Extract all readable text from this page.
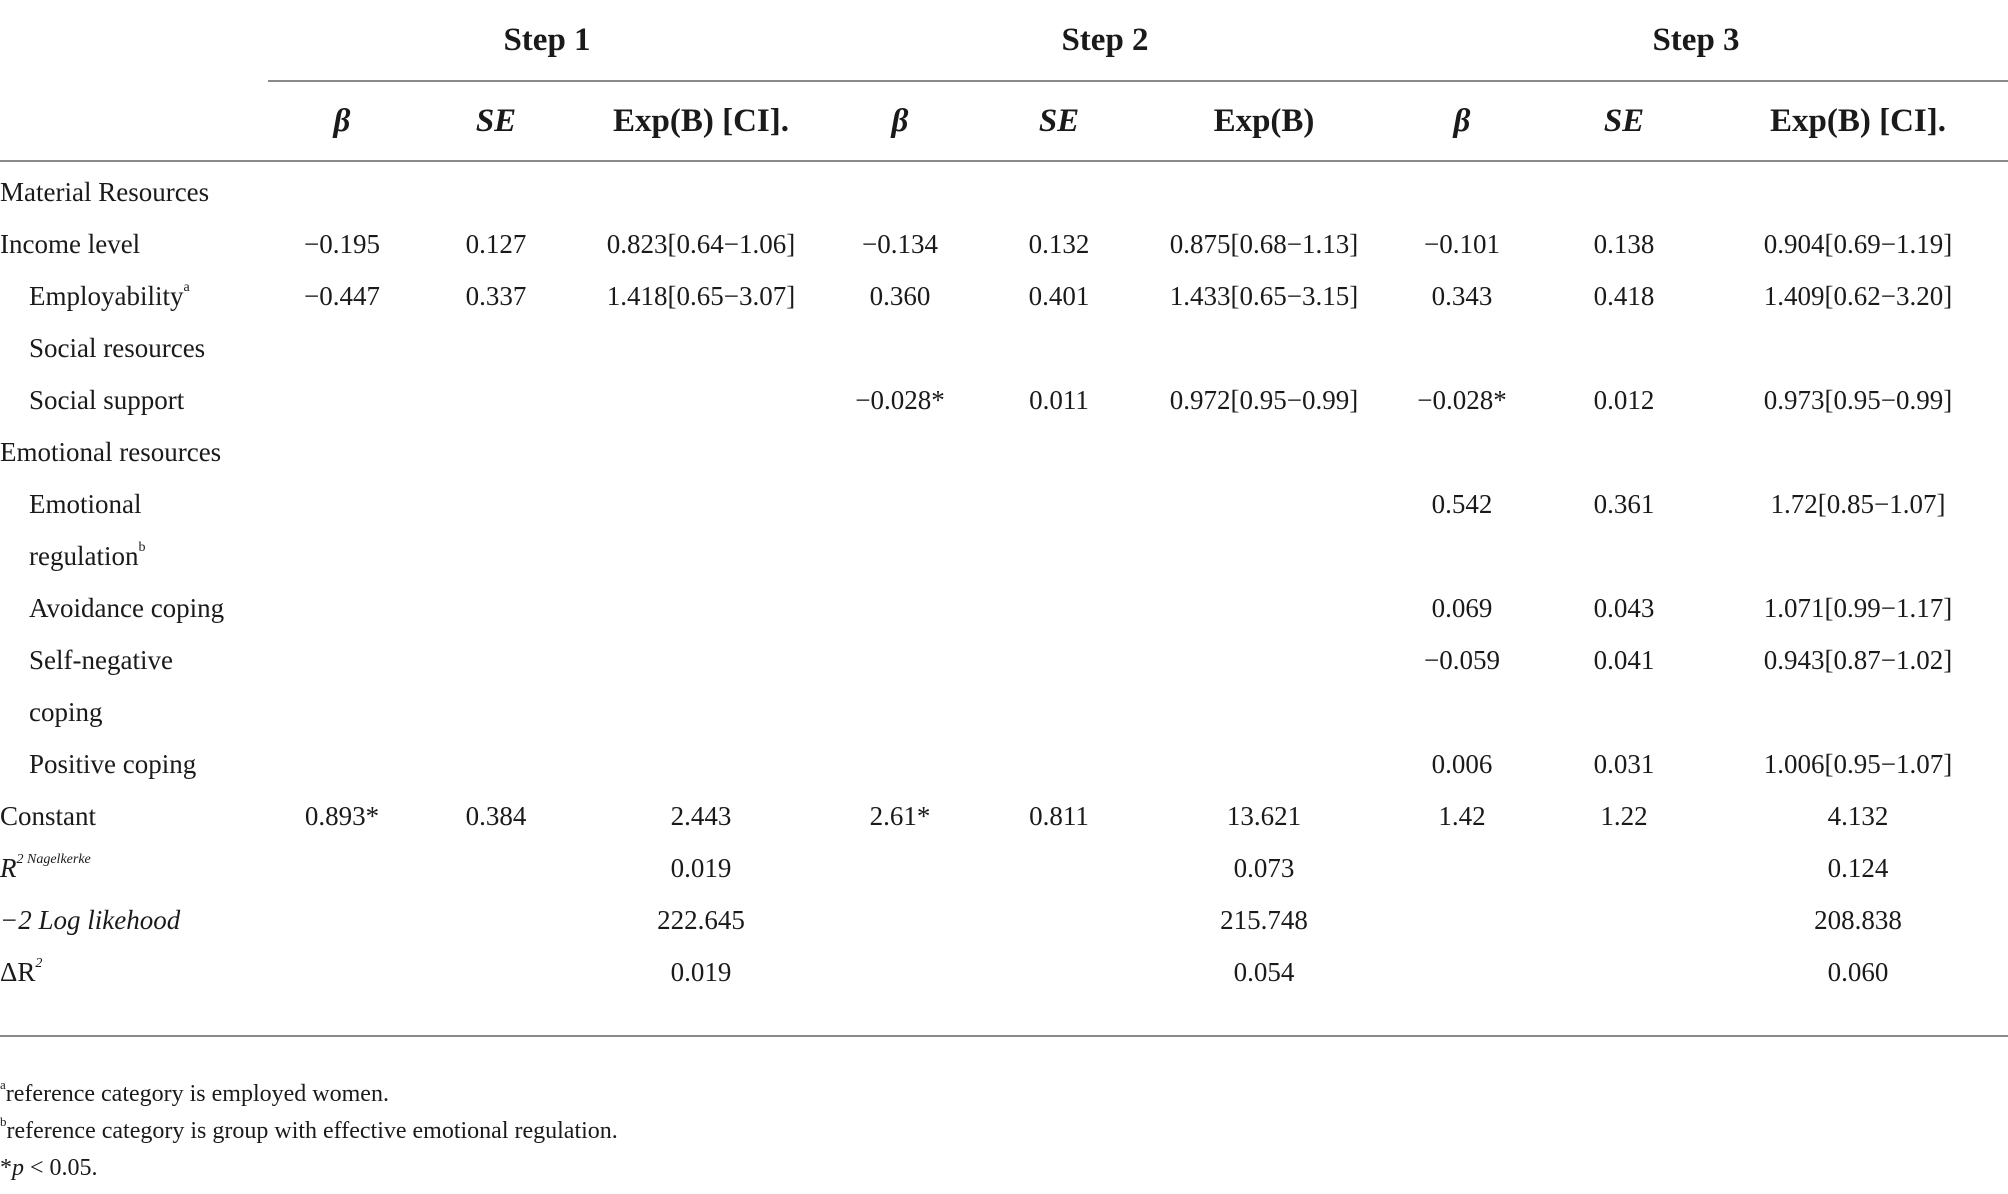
	Step 1			Step 2			Step 3		
	β	SE	Exp(B) [CI].	β	SE	Exp(B)	β	SE	Exp(B) [CI].

Material Resources									
Income level	−0.195	0.127	0.823[0.64−1.06]	−0.134	0.132	0.875[0.68−1.13]	−0.101	0.138	0.904[0.69−1.19]
Employability$^a$	−0.447	0.337	1.418[0.65−3.07]	0.360	0.401	1.433[0.65−3.15]	0.343	0.418	1.409[0.62−3.20]
Social resources									
Social support				−0.028*	0.011	0.972[0.95−0.99]	−0.028*	0.012	0.973[0.95−0.99]
Emotional resources									
Emotional							0.542	0.361	1.72[0.85−1.07]
regulation$^b$									
Avoidance coping							0.069	0.043	1.071[0.99−1.17]
Self-negative							−0.059	0.041	0.943[0.87−1.02]
coping									
Positive coping							0.006	0.031	1.006[0.95−1.07]
Constant	0.893*	0.384	2.443	2.61*	0.811	13.621	1.42	1.22	4.132
$R^{2 Nagelkerke}$			0.019			0.073			0.124
−2 Log likehood			222.645			215.748			208.838
$\Delta R^2$			0.019			0.054			0.060

$^a$reference category is employed women.
$^b$reference category is group with effective emotional regulation.
*p < 0.05.
